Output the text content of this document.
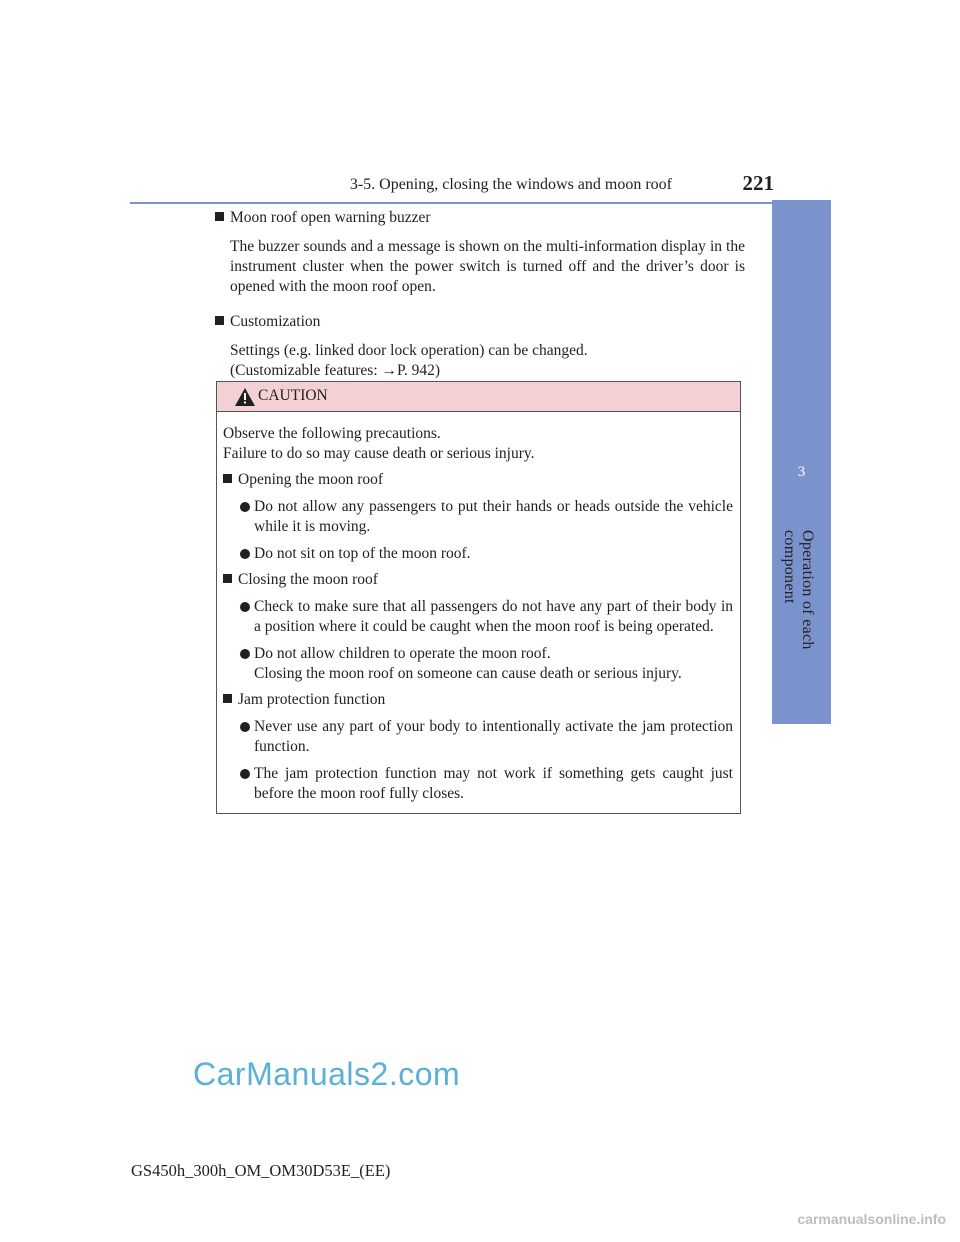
3-5. Opening, closing the windows and moon roof	221
3
Operation of each component

Moon roof open warning buzzer

The buzzer sounds and a message is shown on the multi-information display in the instrument cluster when the power switch is turned off and the driver’s door is opened with the moon roof open.

Customization

Settings (e.g. linked door lock operation) can be changed.
(Customizable features: →P. 942)

CAUTION

Observe the following precautions.
Failure to do so may cause death or serious injury.

Opening the moon roof

Do not allow any passengers to put their hands or heads outside the vehicle while it is moving.

Do not sit on top of the moon roof.

Closing the moon roof

Check to make sure that all passengers do not have any part of their body in a position where it could be caught when the moon roof is being operated.

Do not allow children to operate the moon roof.
Closing the moon roof on someone can cause death or serious injury.

Jam protection function

Never use any part of your body to intentionally activate the jam protection function.

The jam protection function may not work if something gets caught just before the moon roof fully closes.

CarManuals2.com
GS450h_300h_OM_OM30D53E_(EE)
carmanualsonline.info
